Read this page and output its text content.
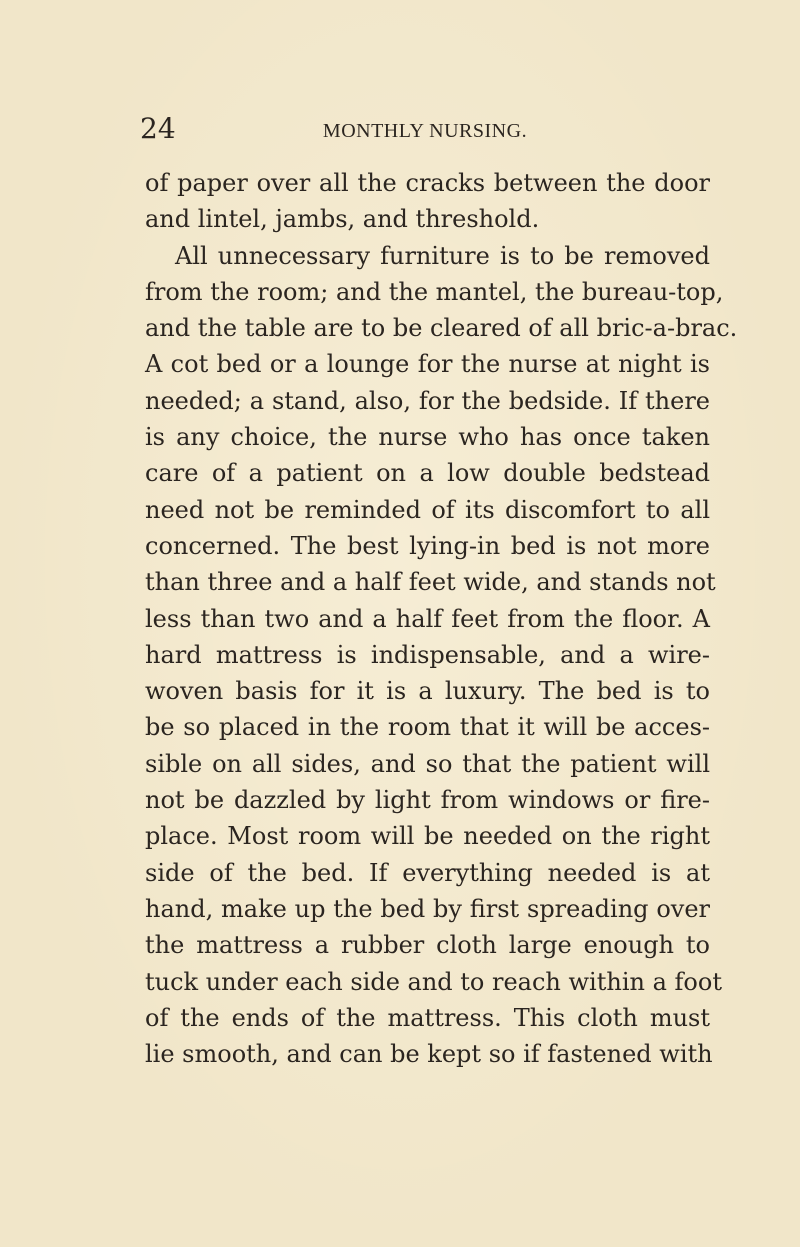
24	MONTHLY NURSING.
of paper over all the cracks between the door
and lintel, jambs, and threshold.
All unnecessary furniture is to be removed
from the room; and the mantel, the bureau-top,
and the table are to be cleared of all bric-a-brac.
A cot bed or a lounge for the nurse at night is
needed; a stand, also, for the bedside. If there
is any choice, the nurse who has once taken
care of a patient on a low double bedstead
need not be reminded of its discomfort to all
concerned. The best lying-in bed is not more
than three and a half feet wide, and stands not
less than two and a half feet from the floor. A
hard mattress is indispensable, and a wire-
woven basis for it is a luxury. The bed is to
be so placed in the room that it will be acces-
sible on all sides, and so that the patient will
not be dazzled by light from windows or fire-
place. Most room will be needed on the right
side of the bed. If everything needed is at
hand, make up the bed by first spreading over
the mattress a rubber cloth large enough to
tuck under each side and to reach within a foot
of the ends of the mattress. This cloth must
lie smooth, and can be kept so if fastened with
